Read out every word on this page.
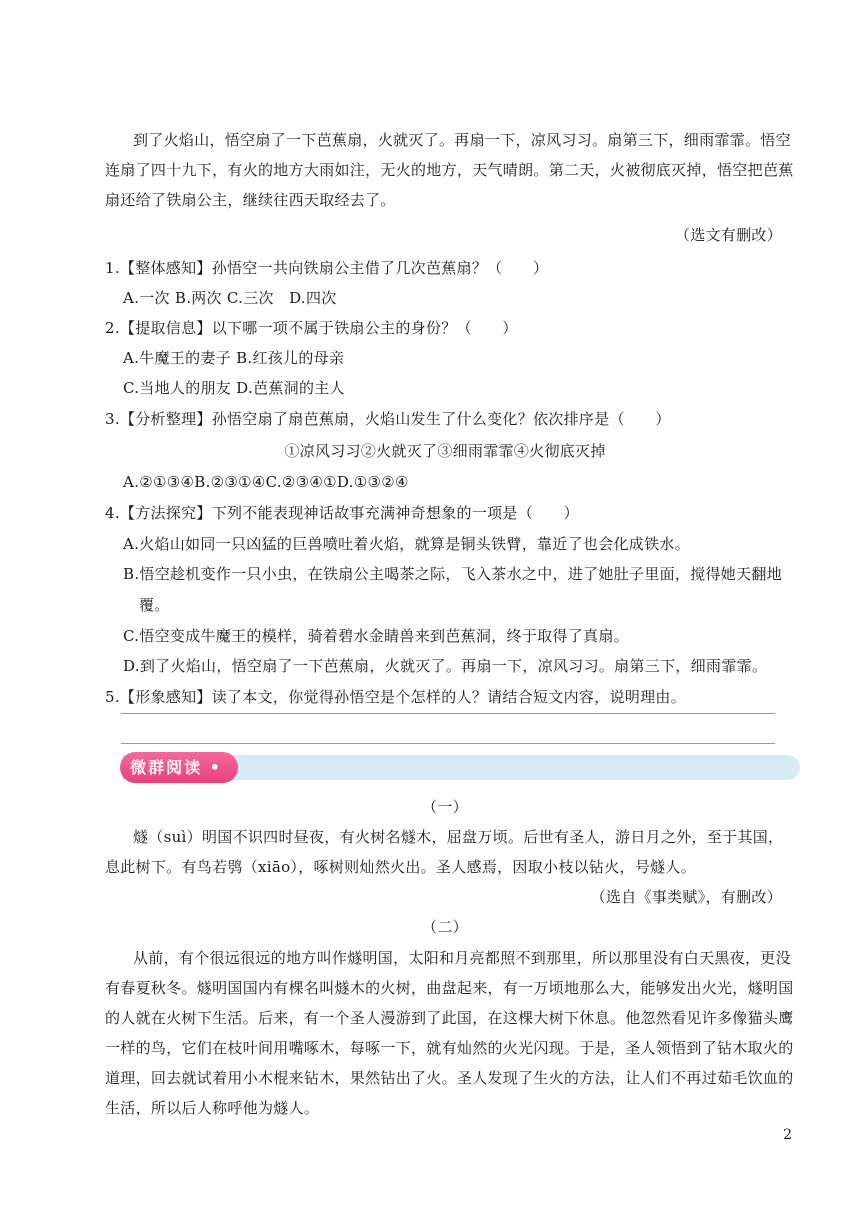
到了火焰山，悟空扇了一下芭蕉扇，火就灭了。再扇一下，凉风习习。扇第三下，细雨霏霏。悟空
连扇了四十九下，有火的地方大雨如注，无火的地方，天气晴朗。第二天，火被彻底灭掉，悟空把芭蕉
扇还给了铁扇公主，继续往西天取经去了。
（选文有删改）
1.【整体感知】孙悟空一共向铁扇公主借了几次芭蕉扇？（　　）
A.一次 B.两次 C.三次　D.四次
2.【提取信息】以下哪一项不属于铁扇公主的身份？（　　）
A.牛魔王的妻子 B.红孩儿的母亲
C.当地人的朋友 D.芭蕉洞的主人
3.【分析整理】孙悟空扇了扇芭蕉扇，火焰山发生了什么变化？依次排序是（　　）
①凉风习习②火就灭了③细雨霏霏④火彻底灭掉
A.②①③④B.②③①④C.②③④①D.①③②④
4.【方法探究】下列不能表现神话故事充满神奇想象的一项是（　　）
A.火焰山如同一只凶猛的巨兽喷吐着火焰，就算是铜头铁臂，靠近了也会化成铁水。
B.悟空趁机变作一只小虫，在铁扇公主喝茶之际，飞入茶水之中，进了她肚子里面，搅得她天翻地
覆。
C.悟空变成牛魔王的模样，骑着碧水金睛兽来到芭蕉洞，终于取得了真扇。
D.到了火焰山，悟空扇了一下芭蕉扇，火就灭了。再扇一下，凉风习习。扇第三下，细雨霏霏。
5.【形象感知】读了本文，你觉得孙悟空是个怎样的人？请结合短文内容，说明理由。
微群阅读 •
（一）
燧（suì）明国不识四时昼夜，有火树名燧木，屈盘万顷。后世有圣人，游日月之外，至于其国，
息此树下。有鸟若鸮（xiāo），啄树则灿然火出。圣人感焉，因取小枝以钻火，号燧人。
（选自《事类赋》，有删改）
（二）
从前，有个很远很远的地方叫作燧明国，太阳和月亮都照不到那里，所以那里没有白天黑夜，更没
有春夏秋冬。燧明国国内有棵名叫燧木的火树，曲盘起来，有一万顷地那么大，能够发出火光，燧明国
的人就在火树下生活。后来，有一个圣人漫游到了此国，在这棵大树下休息。他忽然看见许多像猫头鹰
一样的鸟，它们在枝叶间用嘴啄木，每啄一下，就有灿然的火光闪现。于是，圣人领悟到了钻木取火的
道理，回去就试着用小木棍来钻木，果然钻出了火。圣人发现了生火的方法，让人们不再过茹毛饮血的
生活，所以后人称呼他为燧人。
2
